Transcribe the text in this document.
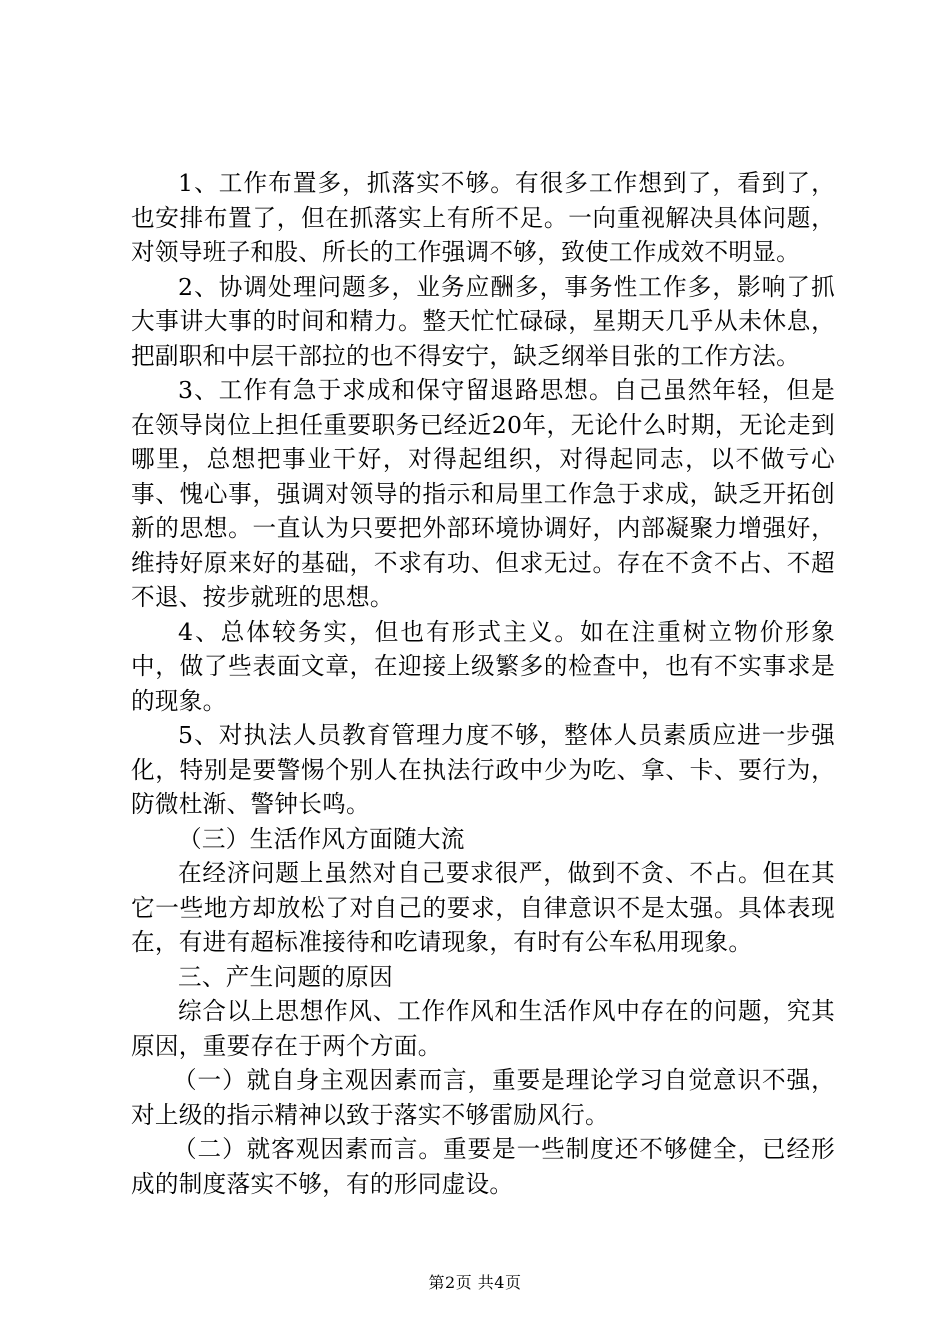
1、工作布置多，抓落实不够。有很多工作想到了，看到了，也安排布置了，但在抓落实上有所不足。一向重视解决具体问题，对领导班子和股、所长的工作强调不够，致使工作成效不明显。

2、协调处理问题多，业务应酬多，事务性工作多，影响了抓大事讲大事的时间和精力。整天忙忙碌碌，星期天几乎从未休息，把副职和中层干部拉的也不得安宁，缺乏纲举目张的工作方法。

3、工作有急于求成和保守留退路思想。自己虽然年轻，但是在领导岗位上担任重要职务已经近20年，无论什么时期，无论走到哪里，总想把事业干好，对得起组织，对得起同志，以不做亏心事、愧心事，强调对领导的指示和局里工作急于求成，缺乏开拓创新的思想。一直认为只要把外部环境协调好，内部凝聚力增强好，维持好原来好的基础，不求有功、但求无过。存在不贪不占、不超不退、按步就班的思想。

4、总体较务实，但也有形式主义。如在注重树立物价形象中，做了些表面文章，在迎接上级繁多的检查中，也有不实事求是的现象。

5、对执法人员教育管理力度不够，整体人员素质应进一步强化，特别是要警惕个别人在执法行政中少为吃、拿、卡、要行为，防微杜渐、警钟长鸣。

（三）生活作风方面随大流

在经济问题上虽然对自己要求很严，做到不贪、不占。但在其它一些地方却放松了对自己的要求，自律意识不是太强。具体表现在，有进有超标准接待和吃请现象，有时有公车私用现象。

三、产生问题的原因

综合以上思想作风、工作作风和生活作风中存在的问题，究其原因，重要存在于两个方面。

（一）就自身主观因素而言，重要是理论学习自觉意识不强，对上级的指示精神以致于落实不够雷励风行。

（二）就客观因素而言。重要是一些制度还不够健全，已经形成的制度落实不够，有的形同虚设。

第2页 共4页
